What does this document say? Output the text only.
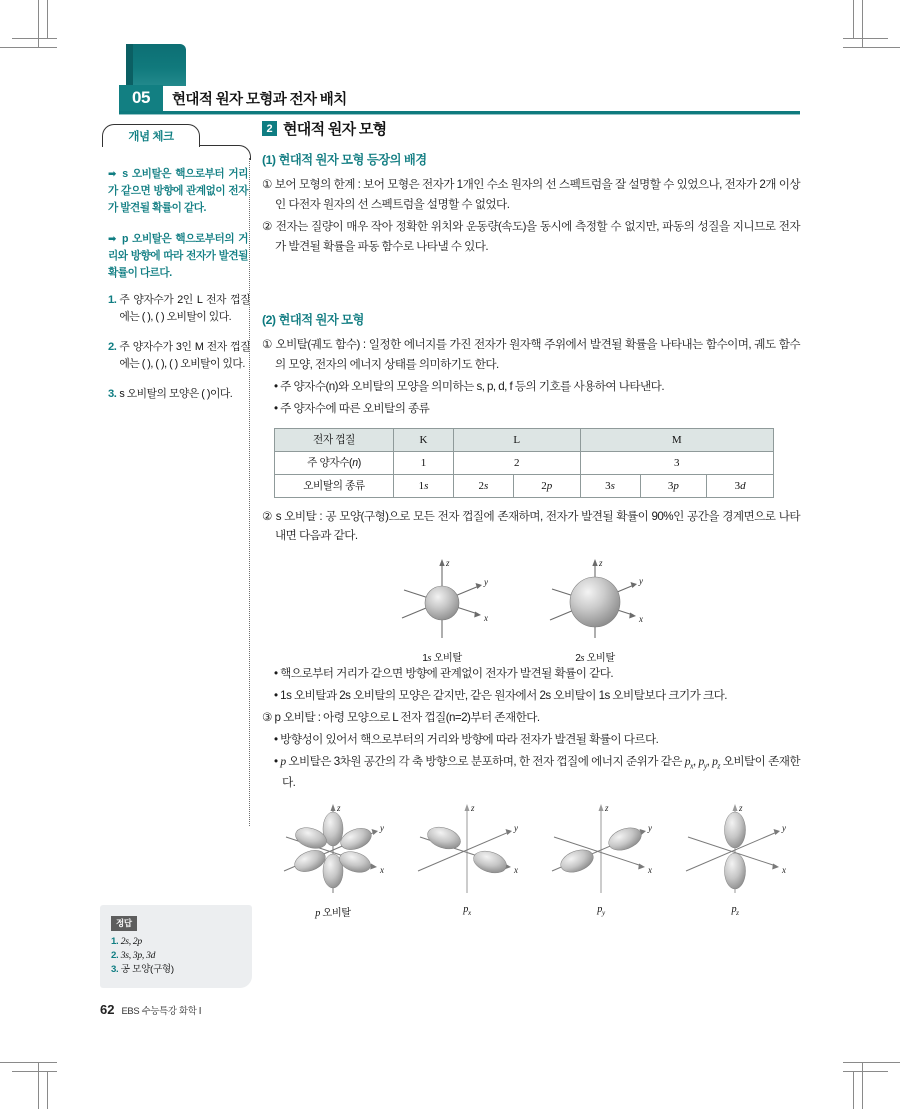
05	현대적 원자 모형과 전자 배치
개념 체크
➡ s 오비탈은 핵으로부터 거리가 같으면 방향에 관계없이 전자가 발견될 확률이 같다.
➡ p 오비탈은 핵으로부터의 거리와 방향에 따라 전자가 발견될 확률이 다르다.
1. 주 양자수가 2인 L 전자 껍질에는 ( ), ( ) 오비탈이 있다.
2. 주 양자수가 3인 M 전자 껍질에는 ( ), ( ), ( ) 오비탈이 있다.
3. s 오비탈의 모양은 ( )이다.
정답
1. 2s, 2p
2. 3s, 3p, 3d
3. 공 모양(구형)
2 현대적 원자 모형
(1) 현대적 원자 모형 등장의 배경
① 보어 모형의 한계 : 보어 모형은 전자가 1개인 수소 원자의 선 스펙트럼을 잘 설명할 수 있었으나, 전자가 2개 이상인 다전자 원자의 선 스펙트럼을 설명할 수 없었다.
② 전자는 질량이 매우 작아 정확한 위치와 운동량(속도)을 동시에 측정할 수 없지만, 파동의 성질을 지니므로 전자가 발견될 확률을 파동 함수로 나타낼 수 있다.
(2) 현대적 원자 모형
① 오비탈(궤도 함수) : 일정한 에너지를 가진 전자가 원자핵 주위에서 발견될 확률을 나타내는 함수이며, 궤도 함수의 모양, 전자의 에너지 상태를 의미하기도 한다.
• 주 양자수(n)와 오비탈의 모양을 의미하는 s, p, d, f 등의 기호를 사용하여 나타낸다.
• 주 양자수에 따른 오비탈의 종류
전자 껍질	K	L		M		
주 양자수(n)	1	2		3		
오비탈의 종류	1s	2s	2p	3s	3p	3d
② s 오비탈 : 공 모양(구형)으로 모든 전자 껍질에 존재하며, 전자가 발견될 확률이 90%인 공간을 경계면으로 나타내면 다음과 같다.
z
y
x
1s 오비탈
z
y
x
2s 오비탈
• 핵으로부터 거리가 같으면 방향에 관계없이 전자가 발견될 확률이 같다.
• 1s 오비탈과 2s 오비탈의 모양은 같지만, 같은 원자에서 2s 오비탈이 1s 오비탈보다 크기가 크다.
③ p 오비탈 : 아령 모양으로 L 전자 껍질(n=2)부터 존재한다.
• 방향성이 있어서 핵으로부터의 거리와 방향에 따라 전자가 발견될 확률이 다르다.
• p 오비탈은 3차원 공간의 각 축 방향으로 분포하며, 한 전자 껍질에 에너지 준위가 같은 $p_x$, $p_y$, $p_z$ 오비탈이 존재한다.
z
y
x
p 오비탈
z
y
x
$p_x$
z
y
x
$p_y$
z
y
x
$p_z$
62 EBS 수능특강 화학 Ⅰ
